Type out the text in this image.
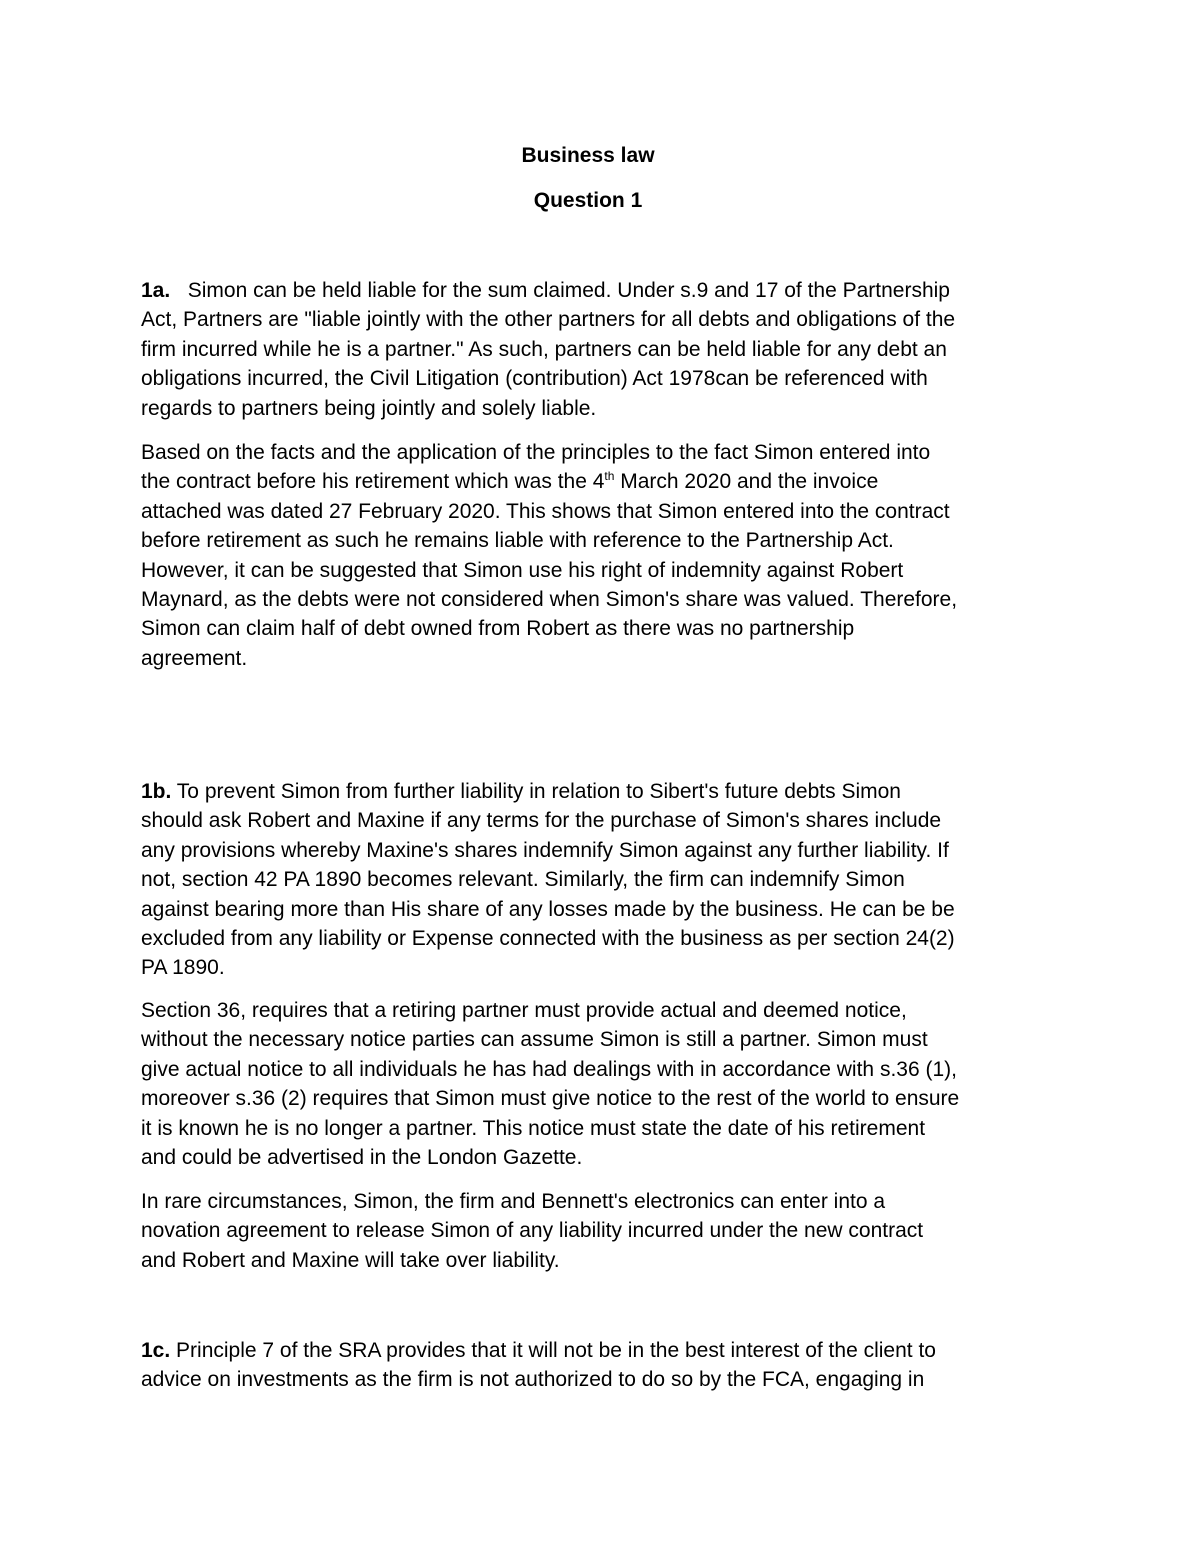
Business law
Question 1

1a. Simon can be held liable for the sum claimed. Under s.9 and 17 of the Partnership
Act, Partners are "liable jointly with the other partners for all debts and obligations of the
firm incurred while he is a partner." As such, partners can be held liable for any debt an
obligations incurred, the Civil Litigation (contribution) Act 1978can be referenced with
regards to partners being jointly and solely liable.

Based on the facts and the application of the principles to the fact Simon entered into
the contract before his retirement which was the 4th March 2020 and the invoice
attached was dated 27 February 2020. This shows that Simon entered into the contract
before retirement as such he remains liable with reference to the Partnership Act.
However, it can be suggested that Simon use his right of indemnity against Robert
Maynard, as the debts were not considered when Simon's share was valued. Therefore,
Simon can claim half of debt owned from Robert as there was no partnership
agreement.

1b. To prevent Simon from further liability in relation to Sibert's future debts Simon
should ask Robert and Maxine if any terms for the purchase of Simon's shares include
any provisions whereby Maxine's shares indemnify Simon against any further liability. If
not, section 42 PA 1890 becomes relevant. Similarly, the firm can indemnify Simon
against bearing more than His share of any losses made by the business. He can be be
excluded from any liability or Expense connected with the business as per section 24(2)
PA 1890.

Section 36, requires that a retiring partner must provide actual and deemed notice,
without the necessary notice parties can assume Simon is still a partner. Simon must
give actual notice to all individuals he has had dealings with in accordance with s.36 (1),
moreover s.36 (2) requires that Simon must give notice to the rest of the world to ensure
it is known he is no longer a partner. This notice must state the date of his retirement
and could be advertised in the London Gazette.

In rare circumstances, Simon, the firm and Bennett's electronics can enter into a
novation agreement to release Simon of any liability incurred under the new contract
and Robert and Maxine will take over liability.

1c. Principle 7 of the SRA provides that it will not be in the best interest of the client to
advice on investments as the firm is not authorized to do so by the FCA, engaging in
